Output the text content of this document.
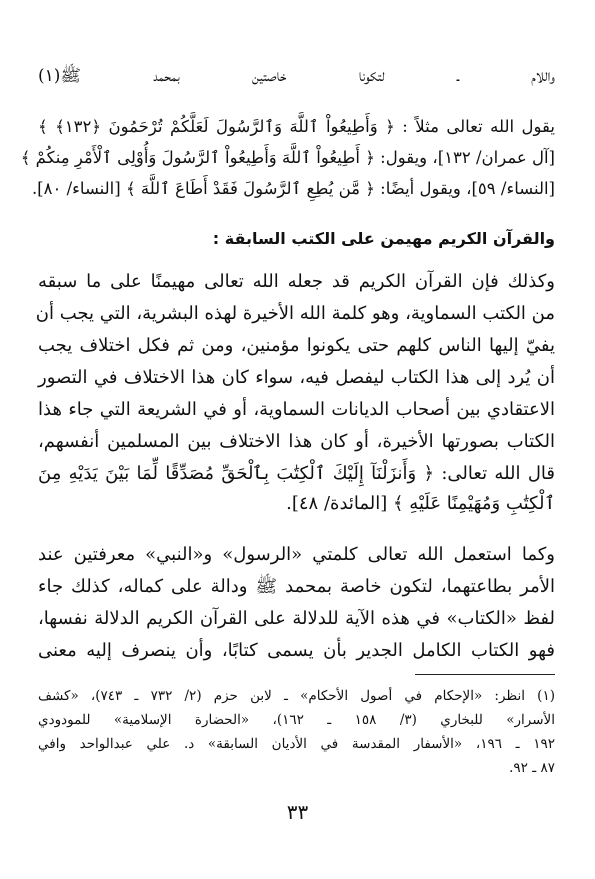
واللام ـ لتكونا خاصتين بمحمد ﷺ(١)
يقول الله تعالى مثلاً : ﴿ وَأَطِيعُواْ ٱللَّهَ وَٱلرَّسُولَ لَعَلَّكُمْ تُرْحَمُونَ ﴿١٣٢﴾ ﴾
[آل عمران/ ١٣٢]، ويقول: ﴿ أَطِيعُواْ ٱللَّهَ وَأَطِيعُواْ ٱلرَّسُولَ وَأُوْلِى ٱلْأَمْرِ مِنكُمْ ﴾
[النساء/ ٥٩]، ويقول أيضًا: ﴿ مَّن يُطِعِ ٱلرَّسُولَ فَقَدْ أَطَاعَ ٱللَّهَ ﴾ [النساء/ ٨٠].
والقرآن الكريم مهيمن على الكتب السابقة :
وكذلك فإن القرآن الكريم قد جعله الله تعالى مهيمنًا على ما سبقه
من الكتب السماوية، وهو كلمة الله الأخيرة لهذه البشرية، التي يجب أن
يفيّ إليها الناس كلهم حتى يكونوا مؤمنين، ومن ثم فكل اختلاف يجب
أن يُرد إلى هذا الكتاب ليفصل فيه، سواء كان هذا الاختلاف في التصور
الاعتقادي بين أصحاب الديانات السماوية، أو في الشريعة التي جاء هذا
الكتاب بصورتها الأخيرة، أو كان هذا الاختلاف بين المسلمين أنفسهم،
قال الله تعالى: ﴿ وَأَنزَلْنَآ إِلَيْكَ ٱلْكِتَٰبَ بِٱلْحَقِّ مُصَدِّقًا لِّمَا بَيْنَ يَدَيْهِ مِنَ
ٱلْكِتَٰبِ وَمُهَيْمِنًا عَلَيْهِ ﴾ [المائدة/ ٤٨].
وكما استعمل الله تعالى كلمتي «الرسول» و«النبي» معرفتين عند
الأمر بطاعتهما، لتكون خاصة بمحمد ﷺ ودالة على كماله، كذلك جاء
لفظ «الكتاب» في هذه الآية للدلالة على القرآن الكريم الدلالة نفسها،
فهو الكتاب الكامل الجدير بأن يسمى كتابًا، وأن ينصرف إليه معنى
(١) انظر: «الإحكام في أصول الأحكام» ـ لابن حزم (٢/ ٧٣٢ ـ ٧٤٣)، «كشف
الأسرار» للبخاري (٣/ ١٥٨ ـ ١٦٢)، «الحضارة الإسلامية» للمودودي
١٩٢ ـ ١٩٦، «الأسفار المقدسة في الأديان السابقة» د. علي عبدالواحد وافي
٨٧ ـ ٩٢.
٣٣
